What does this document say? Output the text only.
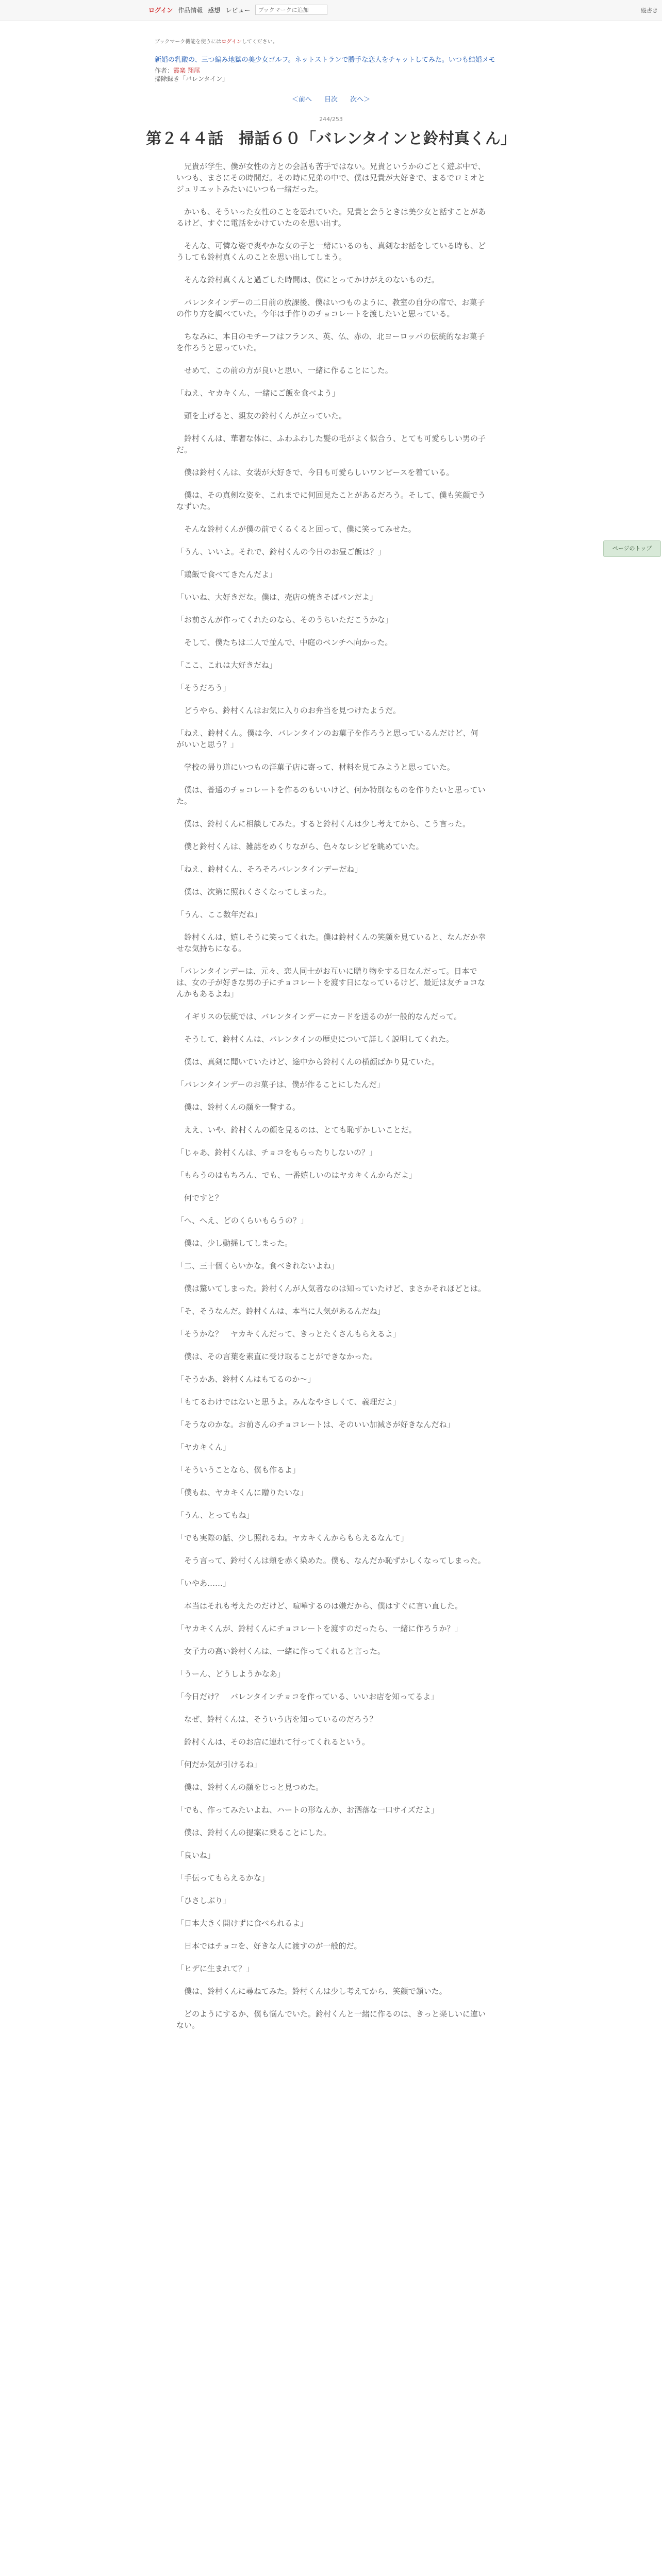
ログイン 作品情報 感想 レビュー
ブックマークに追加	縦書き
ブックマーク機能を使うにはログインしてください。
新婚の乳酸の、三つ編み地獄の美少女ゴルフ。ネットストランで勝手な恋人をチャットしてみた。いつも結婚メモ
作者：霞楽 翔尾
掃除録き「バレンタイン」
＜前へ 目次 次へ＞
244/253
第２４４話　掃話６０「バレンタインと鈴村真くん」

　兄貴が学生、僕が女性の方との会話も苦手ではない。兄貴というかのごとく遊ぶ中で、いつも、まさにその時間だ。その時に兄弟の中で、僕は兄貴が大好きで、まるでロミオとジュリエットみたいにいつも一緒だった。

　かいも、そういった女性のことを恐れていた。兄貴と会うときは美少女と話すことがあるけど、すぐに電話をかけていたのを思い出す。

　そんな、可憐な姿で爽やかな女の子と一緒にいるのも、真剣なお話をしている時も、どうしても鈴村真くんのことを思い出してしまう。

　そんな鈴村真くんと過ごした時間は、僕にとってかけがえのないものだ。

　バレンタインデーの二日前の放課後、僕はいつものように、教室の自分の席で、お菓子の作り方を調べていた。今年は手作りのチョコレートを渡したいと思っている。

　ちなみに、本日のモチーフはフランス、英、仏、赤の、北ヨーロッパの伝統的なお菓子を作ろうと思っていた。

　せめて、この前の方が良いと思い、一緒に作ることにした。

「ねえ、ヤカキくん、一緒にご飯を食べよう」

　頭を上げると、親友の鈴村くんが立っていた。

　鈴村くんは、華奢な体に、ふわふわした髪の毛がよく似合う、とても可愛らしい男の子だ。

　僕は鈴村くんは、女装が大好きで、今日も可愛らしいワンピースを着ている。

　僕は、その真剣な姿を、これまでに何回見たことがあるだろう。そして、僕も笑顔でうなずいた。

　そんな鈴村くんが僕の前でくるくると回って、僕に笑ってみせた。

「うん、いいよ。それで、鈴村くんの今日のお昼ご飯は？」

「鶏飯で食べてきたんだよ」

「いいね、大好きだな。僕は、売店の焼きそばパンだよ」

「お前さんが作ってくれたのなら、そのうちいただこうかな」

　そして、僕たちは二人で並んで、中庭のベンチへ向かった。

「ここ、これは大好きだね」

「そうだろう」

　どうやら、鈴村くんはお気に入りのお弁当を見つけたようだ。

「ねえ、鈴村くん。僕は今、バレンタインのお菓子を作ろうと思っているんだけど、何がいいと思う？」

　学校の帰り道にいつもの洋菓子店に寄って、材料を見てみようと思っていた。

　僕は、普通のチョコレートを作るのもいいけど、何か特別なものを作りたいと思っていた。

　僕は、鈴村くんに相談してみた。すると鈴村くんは少し考えてから、こう言った。

　僕と鈴村くんは、雑誌をめくりながら、色々なレシピを眺めていた。

「ねえ、鈴村くん、そろそろバレンタインデーだね」

　僕は、次第に照れくさくなってしまった。

「うん、ここ数年だね」

　鈴村くんは、嬉しそうに笑ってくれた。僕は鈴村くんの笑顔を見ていると、なんだか幸せな気持ちになる。

「バレンタインデーは、元々、恋人同士がお互いに贈り物をする日なんだって。日本では、女の子が好きな男の子にチョコレートを渡す日になっているけど、最近は友チョコなんかもあるよね」

　イギリスの伝統では、バレンタインデーにカードを送るのが一般的なんだって。

　そうして、鈴村くんは、バレンタインの歴史について詳しく説明してくれた。

　僕は、真剣に聞いていたけど、途中から鈴村くんの横顔ばかり見ていた。

「バレンタインデーのお菓子は、僕が作ることにしたんだ」

　僕は、鈴村くんの顔を一瞥する。

　ええ、いや、鈴村くんの顔を見るのは、とても恥ずかしいことだ。

「じゃあ、鈴村くんは、チョコをもらったりしないの？」

「もらうのはもちろん、でも、一番嬉しいのはヤカキくんからだよ」

　何ですと？

「へ、へえ、どのくらいもらうの？」

　僕は、少し動揺してしまった。

「二、三十個くらいかな。食べきれないよね」

　僕は驚いてしまった。鈴村くんが人気者なのは知っていたけど、まさかそれほどとは。

「そ、そうなんだ。鈴村くんは、本当に人気があるんだね」

「そうかな？　ヤカキくんだって、きっとたくさんもらえるよ」

　僕は、その言葉を素直に受け取ることができなかった。

「そうかあ、鈴村くんはもてるのか～」

「もてるわけではないと思うよ。みんなやさしくて、義理だよ」

「そうなのかな。お前さんのチョコレートは、そのいい加減さが好きなんだね」

「ヤカキくん」

「そういうことなら、僕も作るよ」

「僕もね、ヤカキくんに贈りたいな」

「うん、とってもね」

「でも実際の話、少し照れるね。ヤカキくんからもらえるなんて」

　そう言って、鈴村くんは頬を赤く染めた。僕も、なんだか恥ずかしくなってしまった。

「いやあ……」

　本当はそれも考えたのだけど、喧嘩するのは嫌だから、僕はすぐに言い直した。

「ヤカキくんが、鈴村くんにチョコレートを渡すのだったら、一緒に作ろうか？」

　女子力の高い鈴村くんは、一緒に作ってくれると言った。

「うーん、どうしようかなあ」

「今日だけ？　バレンタインチョコを作っている、いいお店を知ってるよ」

　なぜ、鈴村くんは、そういう店を知っているのだろう？

　鈴村くんは、そのお店に連れて行ってくれるという。

「何だか気が引けるね」

　僕は、鈴村くんの顔をじっと見つめた。

「でも、作ってみたいよね、ハートの形なんか、お洒落な一口サイズだよ」

　僕は、鈴村くんの提案に乗ることにした。

「良いね」

「手伝ってもらえるかな」

「ひさしぶり」

「日本大きく開けずに食べられるよ」

　日本ではチョコを、好きな人に渡すのが一般的だ。

「ヒデに生まれて？」

　僕は、鈴村くんに尋ねてみた。鈴村くんは少し考えてから、笑顔で頷いた。

　どのようにするか、僕も悩んでいた。鈴村くんと一緒に作るのは、きっと楽しいに違いない。

ページのトップ
